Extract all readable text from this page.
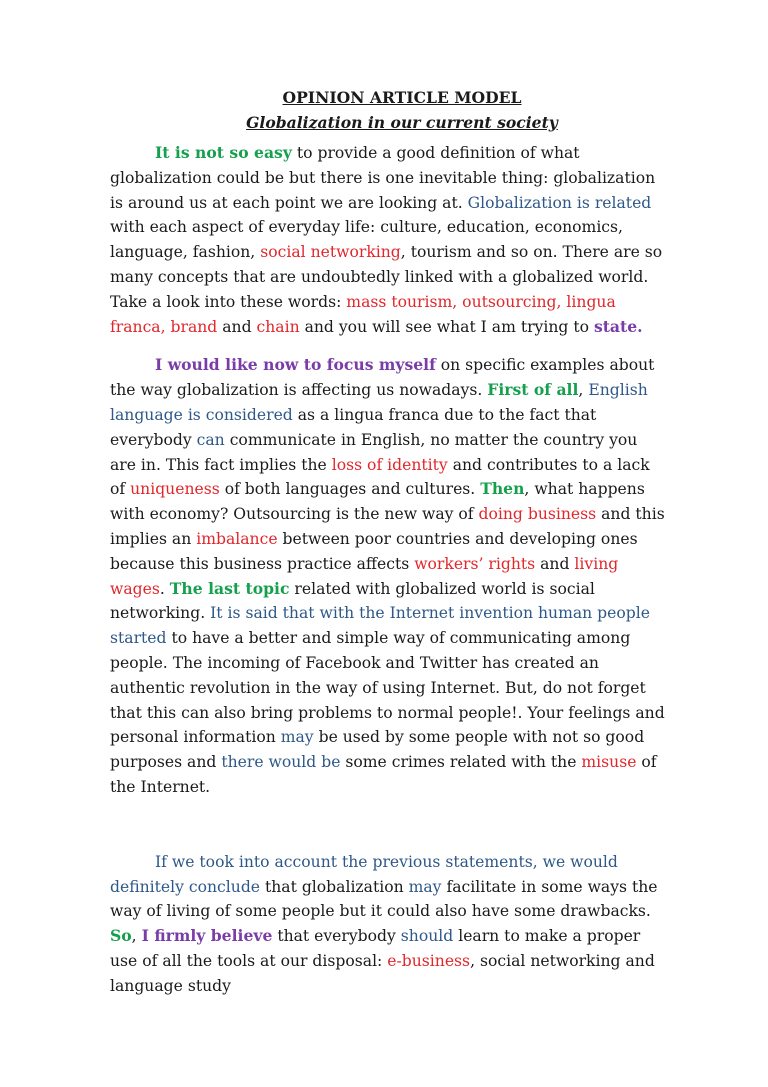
OPINION ARTICLE MODEL

Globalization in our current society

It is not so easy to provide a good definition of what globalization could be but there is one inevitable thing: globalization is around us at each point we are looking at. Globalization is related with each aspect of everyday life: culture, education, economics, language, fashion, social networking, tourism and so on. There are so many concepts that are undoubtedly linked with a globalized world. Take a look into these words: mass tourism, outsourcing, lingua franca, brand and chain and you will see what I am trying to state.

I would like now to focus myself on specific examples about the way globalization is affecting us nowadays. First of all, English language is considered as a lingua franca due to the fact that everybody can communicate in English, no matter the country you are in. This fact implies the loss of identity and contributes to a lack of uniqueness of both languages and cultures. Then, what happens with economy? Outsourcing is the new way of doing business and this implies an imbalance between poor countries and developing ones because this business practice affects workers’ rights and living wages. The last topic related with globalized world is social networking. It is said that with the Internet invention human people started to have a better and simple way of communicating among people. The incoming of Facebook and Twitter has created an authentic revolution in the way of using Internet. But, do not forget that this can also bring problems to normal people!. Your feelings and personal information may be used by some people with not so good purposes and there would be some crimes related with the misuse of the Internet.

If we took into account the previous statements, we would definitely conclude that globalization may facilitate in some ways the way of living of some people but it could also have some drawbacks. So, I firmly believe that everybody should learn to make a proper use of all the tools at our disposal: e-business, social networking and language study
